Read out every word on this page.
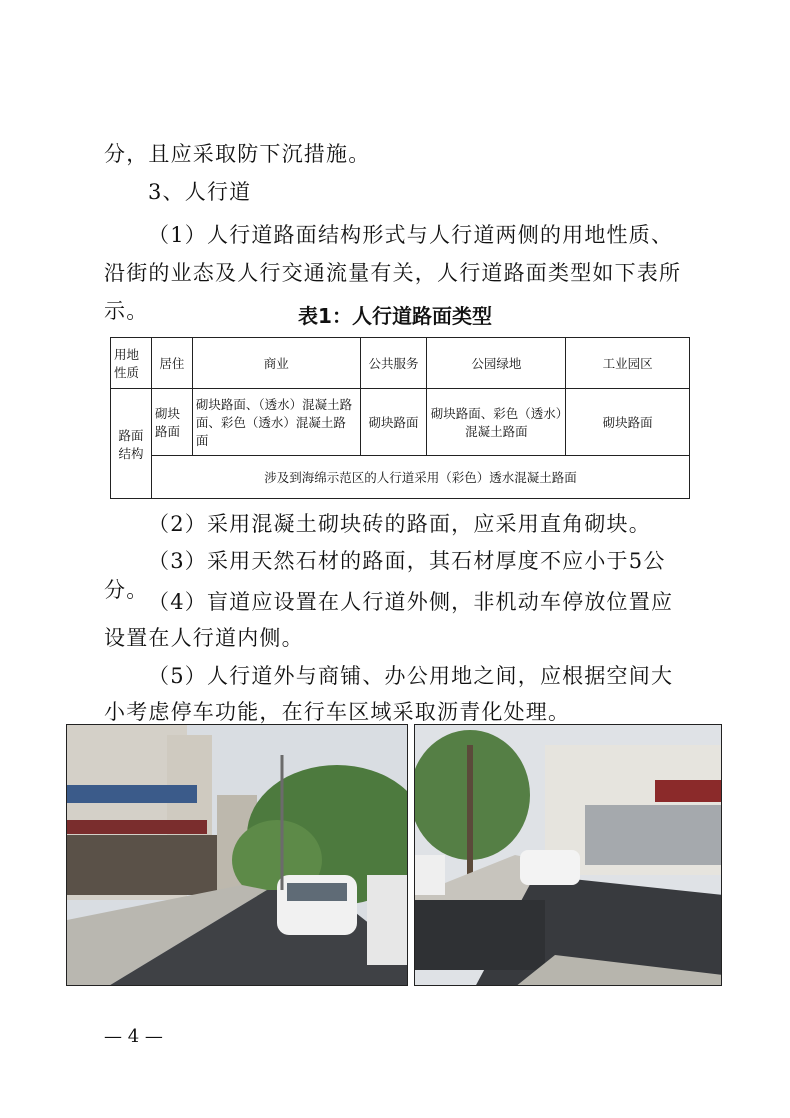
分，且应采取防下沉措施。
3、人行道
（1）人行道路面结构形式与人行道两侧的用地性质、沿街的业态及人行交通流量有关，人行道路面类型如下表所示。	表1：人行道路面类型
用地性质	居住	商业	公共服务	公园绿地	工业园区
路面结构	砌块路面	砌块路面、（透水）混凝土路面、彩色（透水）混凝土路面	砌块路面	砌块路面、彩色（透水）混凝土路面	砌块路面
	涉及到海绵示范区的人行道采用（彩色）透水混凝土路面				
（2）采用混凝土砌块砖的路面，应采用直角砌块。
（3）采用天然石材的路面，其石材厚度不应小于5公分。 （4）盲道应设置在人行道外侧，非机动车停放位置应设置在人行道内侧。
（5）人行道外与商铺、办公用地之间，应根据空间大小考虑停车功能，在行车区域采取沥青化处理。
— 4 —
